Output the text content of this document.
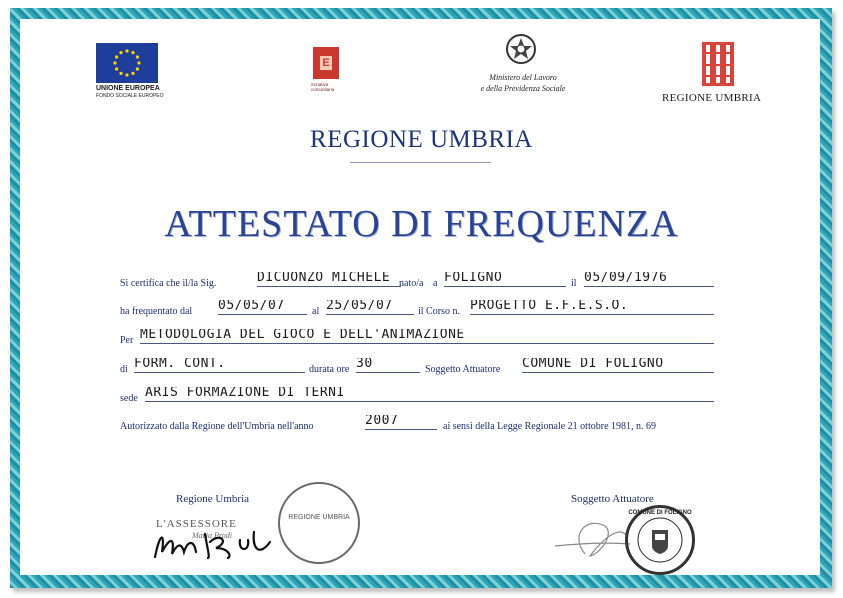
UNIONE EUROPEA
FONDO SOCIALE EUROPEO
E
iniziativa comunitaria
Ministero del Lavoro
e della Previdenza Sociale
REGIONE UMBRIA
REGIONE UMBRIA
ATTESTATO DI FREQUENZA
Si certifica che il/la Sig.	DICUONZO MICHELE nato/a a FOLIGNO	il 05/09/1976
ha frequentato dal 05/05/07	al 25/05/07	il Corso n. PROGETTO E.F.E.S.O.
Per METODOLOGIA DEL GIOCO E DELL'ANIMAZIONE
di FORM. CONT.	durata ore 30	Soggetto Attuatore COMUNE DI FOLIGNO
sede ARIS FORMAZIONE DI TERNI
Autorizzato dalla Regione dell'Umbria nell'anno	2007	ai sensi della Legge Regionale 21 ottobre 1981, n. 69
Regione Umbria
L'ASSESSORE
Maria Prodi
REGIONE UMBRIA
Soggetto Attuatore
COMUNE DI FOLIGNO
